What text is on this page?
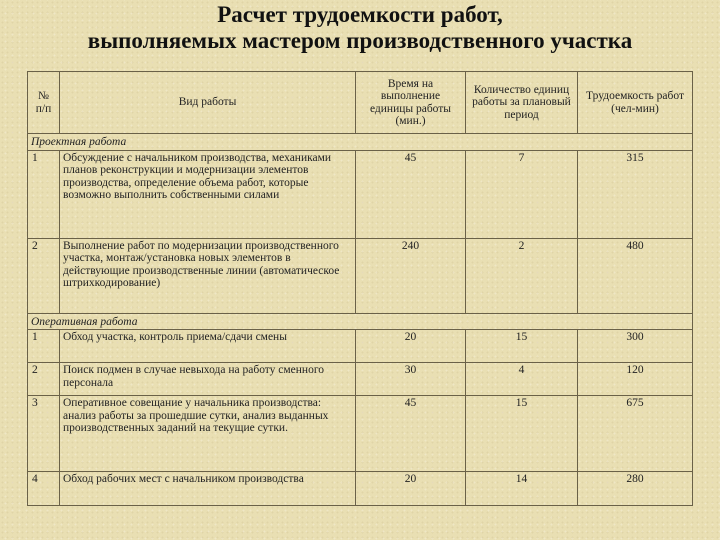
Расчет трудоемкости работ,
выполняемых мастером производственного участка
№
п/п	Вид работы	Время на выполнение единицы работы (мин.)	Количество единиц работы за плановый период	Трудоемкость работ (чел-мин)
Проектная работа				
1	Обсуждение с начальником производства, механиками планов реконструкции и модернизации элементов производства, определение объема работ, которые возможно выполнить собственными силами	45	7	315
2	Выполнение работ по модернизации производственного участка, монтаж/установка новых элементов в действующие производственные линии (автоматическое штрихкодирование)	240	2	480
Оперативная работа				
1	Обход участка, контроль приема/сдачи смены	20	15	300
2	Поиск подмен в случае невыхода на работу сменного персонала	30	4	120
3	Оперативное совещание у начальника производства: анализ работы за прошедшие сутки, анализ выданных производственных заданий на текущие сутки.	45	15	675
4	Обход рабочих мест с начальником производства	20	14	280
